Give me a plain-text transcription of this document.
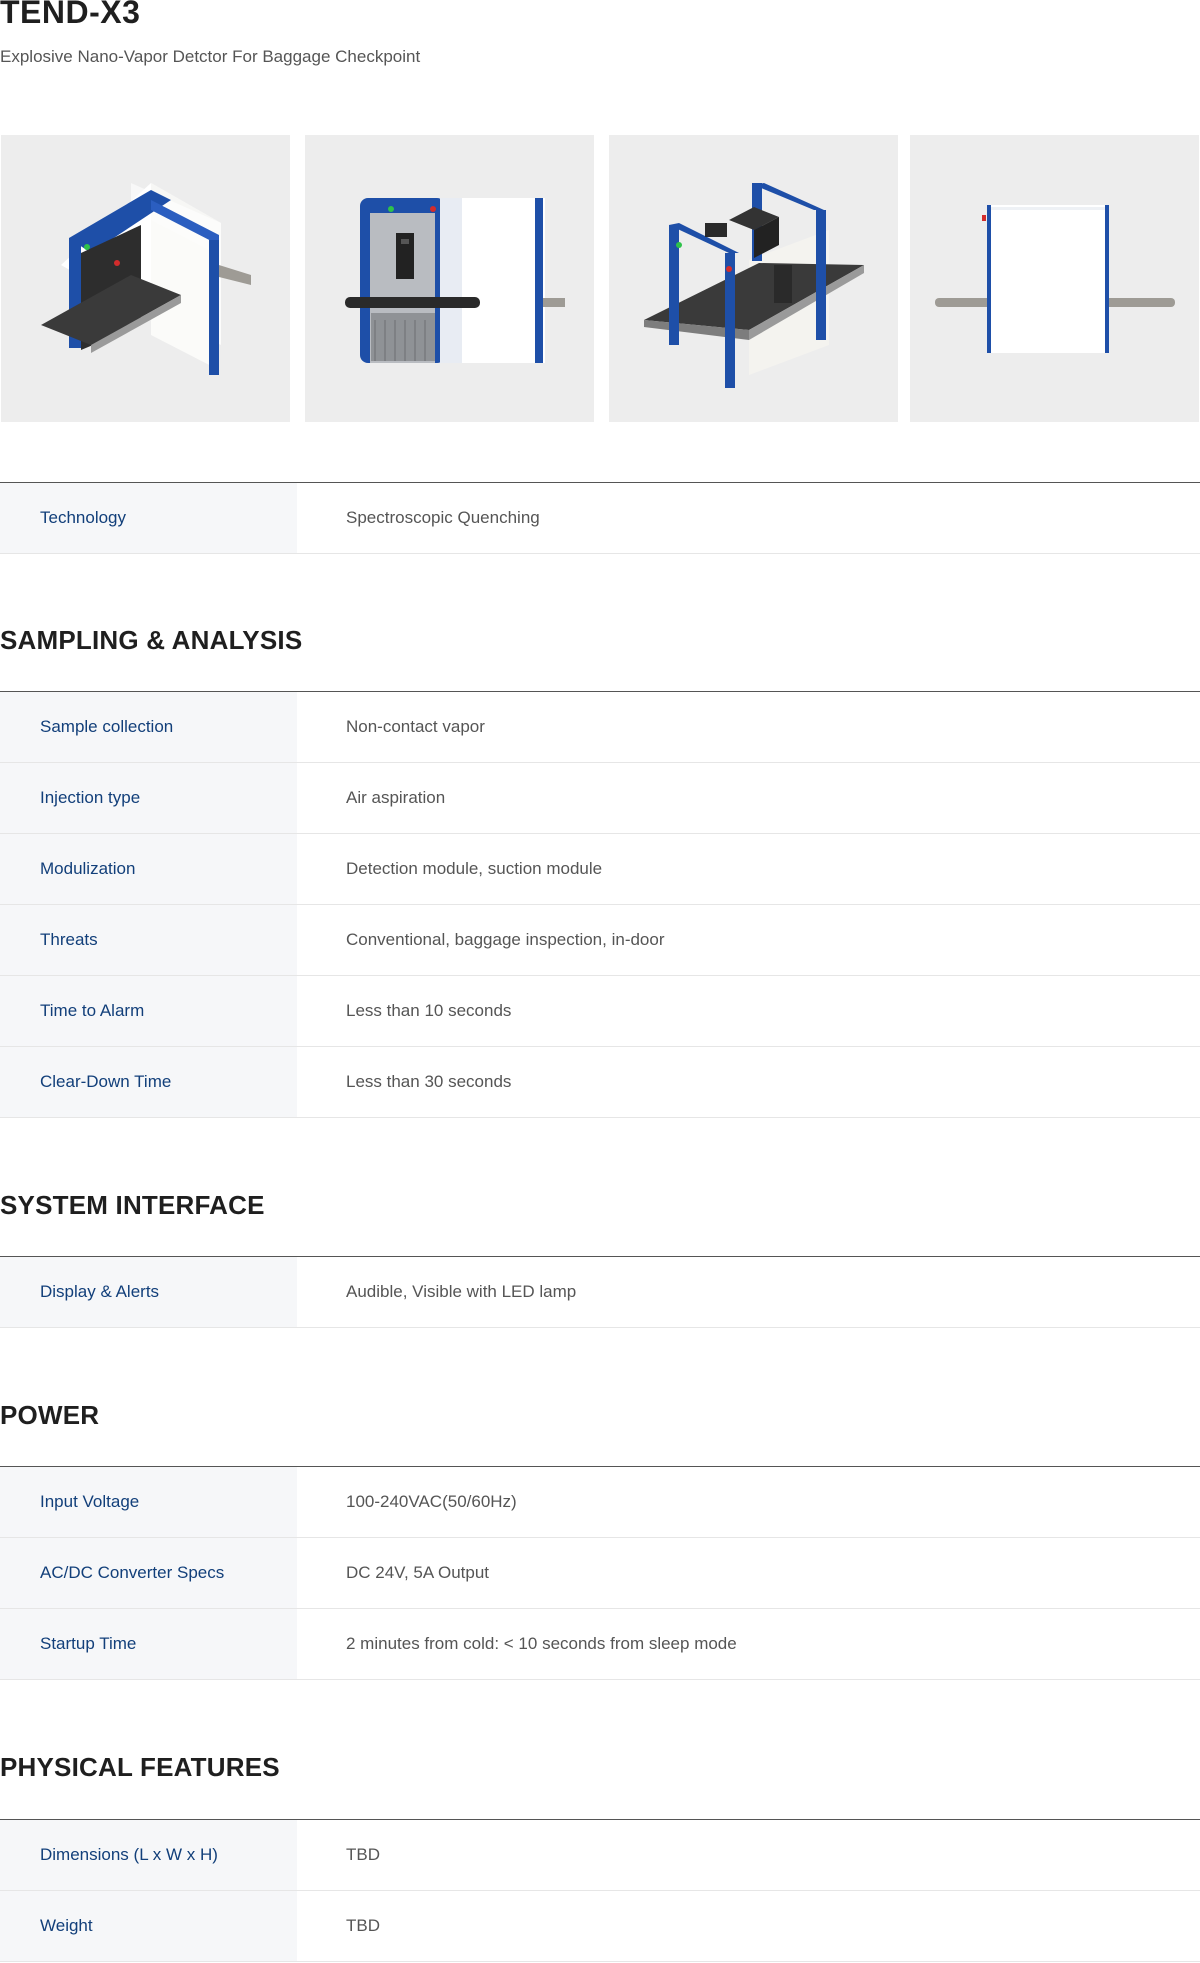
TEND-X3

Explosive Nano-Vapor Detctor For Baggage Checkpoint

Technology	Spectroscopic Quenching
SAMPLING & ANALYSIS
Sample collection	Non-contact vapor
Injection type	Air aspiration
Modulization	Detection module, suction module
Threats	Conventional, baggage inspection, in-door
Time to Alarm	Less than 10 seconds
Clear-Down Time	Less than 30 seconds
SYSTEM INTERFACE
Display & Alerts	Audible, Visible with LED lamp
POWER
Input Voltage	100-240VAC(50/60Hz)
AC/DC Converter Specs	DC 24V, 5A Output
Startup Time	2 minutes from cold: < 10 seconds from sleep mode
PHYSICAL FEATURES
Dimensions (L x W x H)	TBD
Weight	TBD
